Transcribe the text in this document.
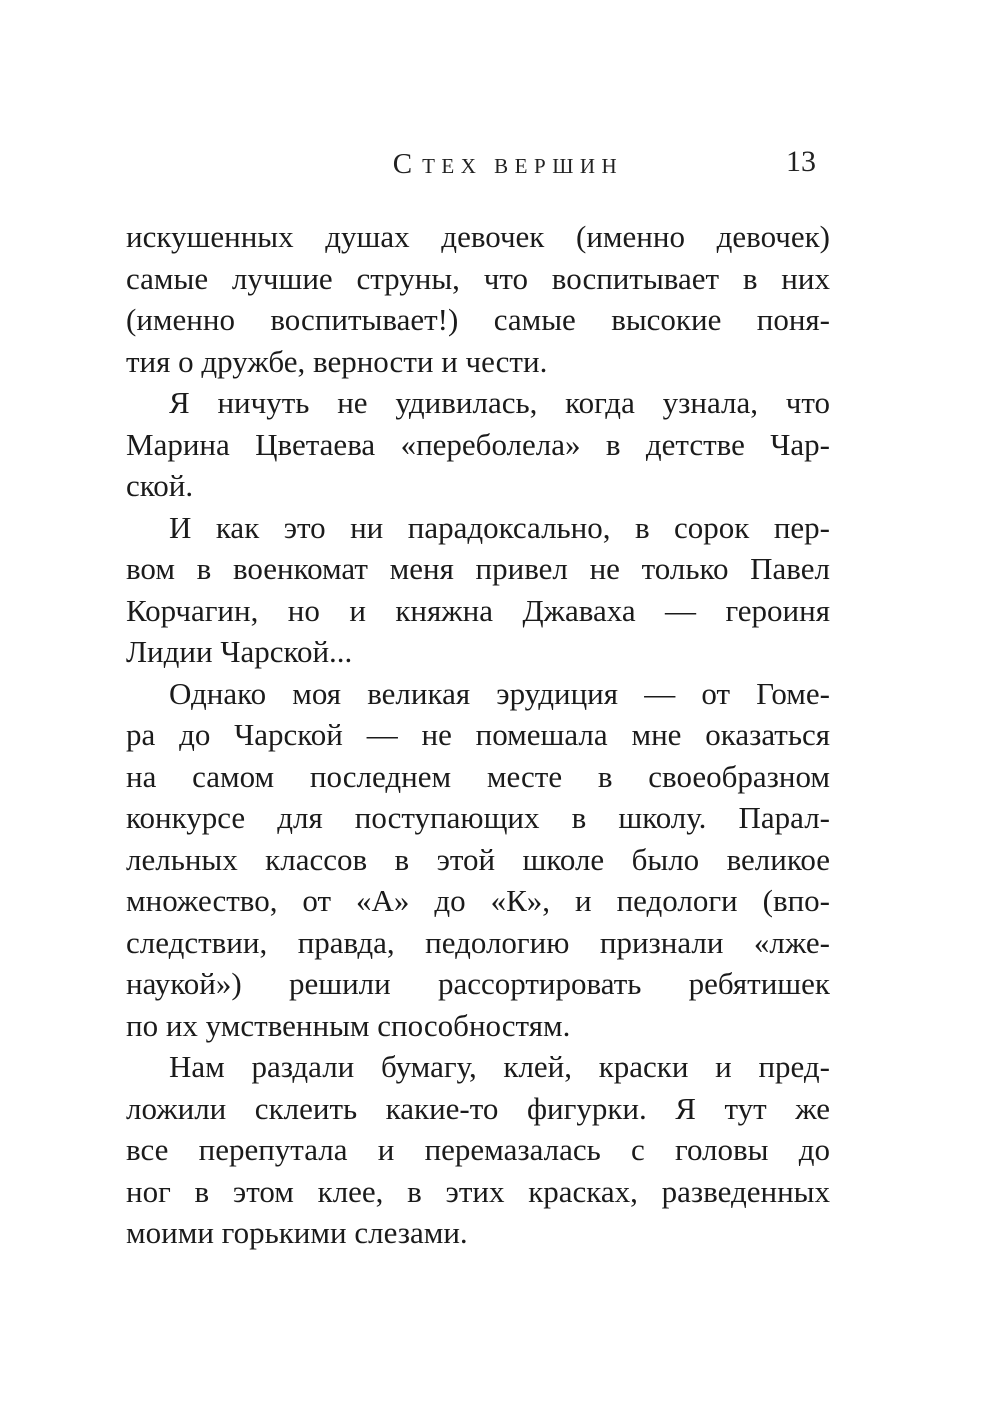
С ТЕХ ВЕРШИН	13
искушенных душах девочек (именно девочек)
самые лучшие струны, что воспитывает в них
(именно воспитывает!) самые высокие поня-
тия о дружбе, верности и чести.
Я ничуть не удивилась, когда узнала, что
Марина Цветаева «переболела» в детстве Чар-
ской.
И как это ни парадоксально, в сорок пер-
вом в военкомат меня привел не только Павел
Корчагин, но и княжна Джаваха — героиня
Лидии Чарской...
Однако моя великая эрудиция — от Гоме-
ра до Чарской — не помешала мне оказаться
на самом последнем месте в своеобразном
конкурсе для поступающих в школу. Парал-
лельных классов в этой школе было великое
множество, от «А» до «К», и педологи (впо-
следствии, правда, педологию признали «лже-
наукой») решили рассортировать ребятишек
по их умственным способностям.
Нам раздали бумагу, клей, краски и пред-
ложили склеить какие-то фигурки. Я тут же
все перепутала и перемазалась с головы до
ног в этом клее, в этих красках, разведенных
моими горькими слезами.
